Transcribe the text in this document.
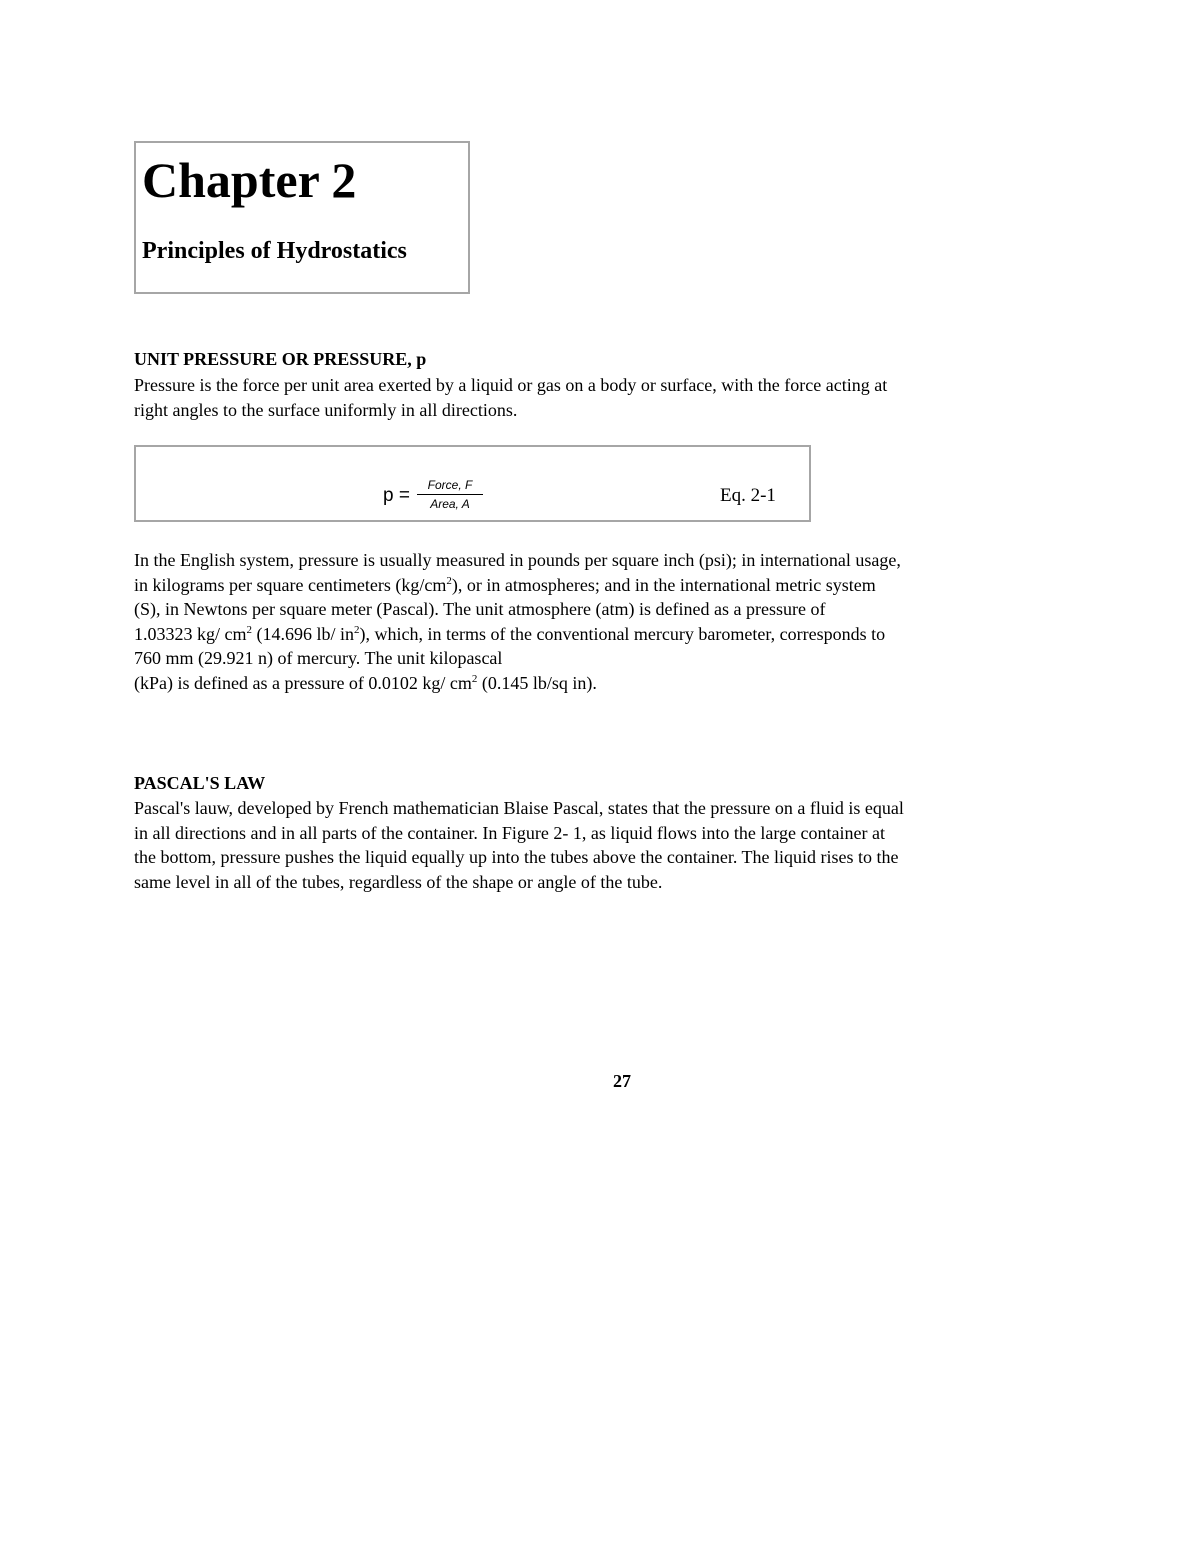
Chapter 2
Principles of Hydrostatics
UNIT PRESSURE OR PRESSURE, p
Pressure is the force per unit area exerted by a liquid or gas on a body or surface, with the force acting at
right angles to the surface uniformly in all directions.
p =	Force, F
Area, A	Eq. 2-1
In the English system, pressure is usually measured in pounds per square inch (psi); in international usage,
in kilograms per square centimeters $(kg/cm^2)$, or in atmospheres; and in the international metric system
(S), in Newtons per square meter (Pascal). The unit atmosphere (atm) is defined as a pressure of
1.03323 kg/ $cm^2$ (14.696 lb/ $in^2$), which, in terms of the conventional mercury barometer, corresponds to
760 mm (29.921 n) of mercury. The unit kilopascal
(kPa) is defined as a pressure of 0.0102 kg/ $cm^2$ (0.145 lb/sq in).
PASCAL'S LAW
Pascal's lauw, developed by French mathematician Blaise Pascal, states that the pressure on a fluid is equal
in all directions and in all parts of the container. In Figure 2- 1, as liquid flows into the large container at
the bottom, pressure pushes the liquid equally up into the tubes above the container. The liquid rises to the
same level in all of the tubes, regardless of the shape or angle of the tube.
27
